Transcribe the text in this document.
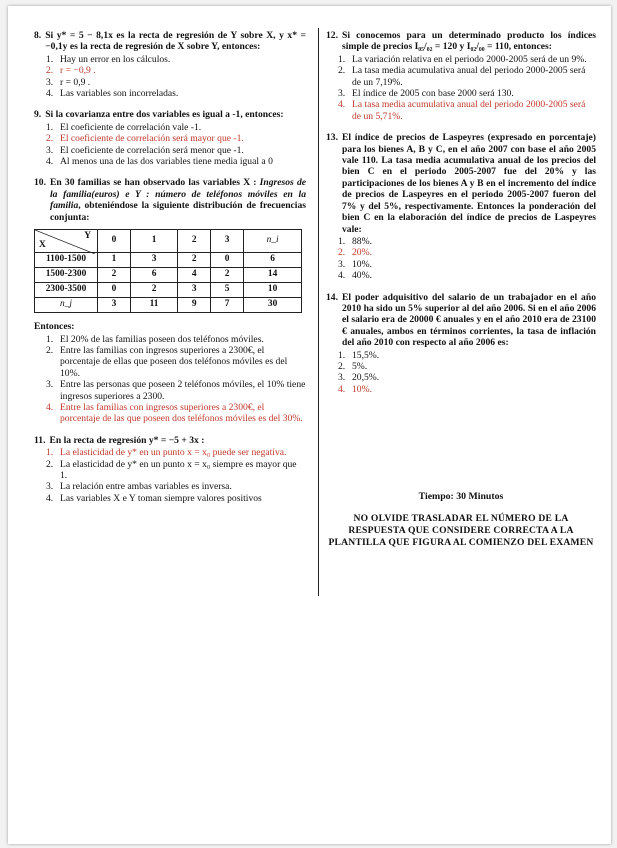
8. Si y* = 5 − 8,1x es la recta de regresión de Y sobre X, y x* = −0,1y es la recta de regresión de X sobre Y, entonces:
1. Hay un error en los cálculos.
2. r = −0,9 .
3. r = 0,9 .
4. Las variables son incorreladas.
9. Si la covarianza entre dos variables es igual a -1, entonces:
1. El coeficiente de correlación vale -1.
2. El coeficiente de correlación será mayor que -1.
3. El coeficiente de correlación será menor que -1.
4. Al menos una de las dos variables tiene media igual a 0
10. En 30 familias se han observado las variables X : Ingresos de la familia(euros) e Y : número de teléfonos móviles en la familia, obteniéndose la siguiente distribución de frecuencias conjunta:
Y
X	0	1	2	3	n_i
1100-1500	1	3	2	0	6
1500-2300	2	6	4	2	14
2300-3500	0	2	3	5	10
n_j	3	11	9	7	30
Entonces:
1. El 20% de las familias poseen dos teléfonos móviles.
2. Entre las familias con ingresos superiores a 2300€, el porcentaje de ellas que poseen dos teléfonos móviles es del 10%.
3. Entre las personas que poseen 2 teléfonos móviles, el 10% tiene ingresos superiores a 2300.
4. Entre las familias con ingresos superiores a 2300€, el porcentaje de las que poseen dos teléfonos móviles es del 30%.
11. En la recta de regresión y* = −5 + 3x :
1. La elasticidad de y* en un punto x = x₀ puede ser negativa.
2. La elasticidad de y* en un punto x = x₀ siempre es mayor que 1.
3. La relación entre ambas variables es inversa.
4. Las variables X e Y toman siempre valores positivos
12. Si conocemos para un determinado producto los índices simple de precios I₀₅/₀₂ = 120 y I₀₂/₀₀ = 110, entonces:
1. La variación relativa en el periodo 2000-2005 será de un 9%.
2. La tasa media acumulativa anual del periodo 2000-2005 será de un 7,19%.
3. El índice de 2005 con base 2000 será 130.
4. La tasa media acumulativa anual del periodo 2000-2005 será de un 5,71%.
13. El índice de precios de Laspeyres (expresado en porcentaje) para los bienes A, B y C, en el año 2007 con base el año 2005 vale 110. La tasa media acumulativa anual de los precios del bien C en el periodo 2005-2007 fue del 20% y las participaciones de los bienes A y B en el incremento del índice de precios de Laspeyres en el periodo 2005-2007 fueron del 7% y del 5%, respectivamente. Entonces la ponderación del bien C en la elaboración del índice de precios de Laspeyres vale:
1. 88%.
2. 20%.
3. 10%.
4. 40%.
14. El poder adquisitivo del salario de un trabajador en el año 2010 ha sido un 5% superior al del año 2006. Si en el año 2006 el salario era de 20000 € anuales y en el año 2010 era de 23100 € anuales, ambos en términos corrientes, la tasa de inflación del año 2010 con respecto al año 2006 es:
1. 15,5%.
2. 5%.
3. 20,5%.
4. 10%.
Tiempo: 30 Minutos
NO OLVIDE TRASLADAR EL NÚMERO DE LA RESPUESTA QUE CONSIDERE CORRECTA A LA PLANTILLA QUE FIGURA AL COMIENZO DEL EXAMEN
